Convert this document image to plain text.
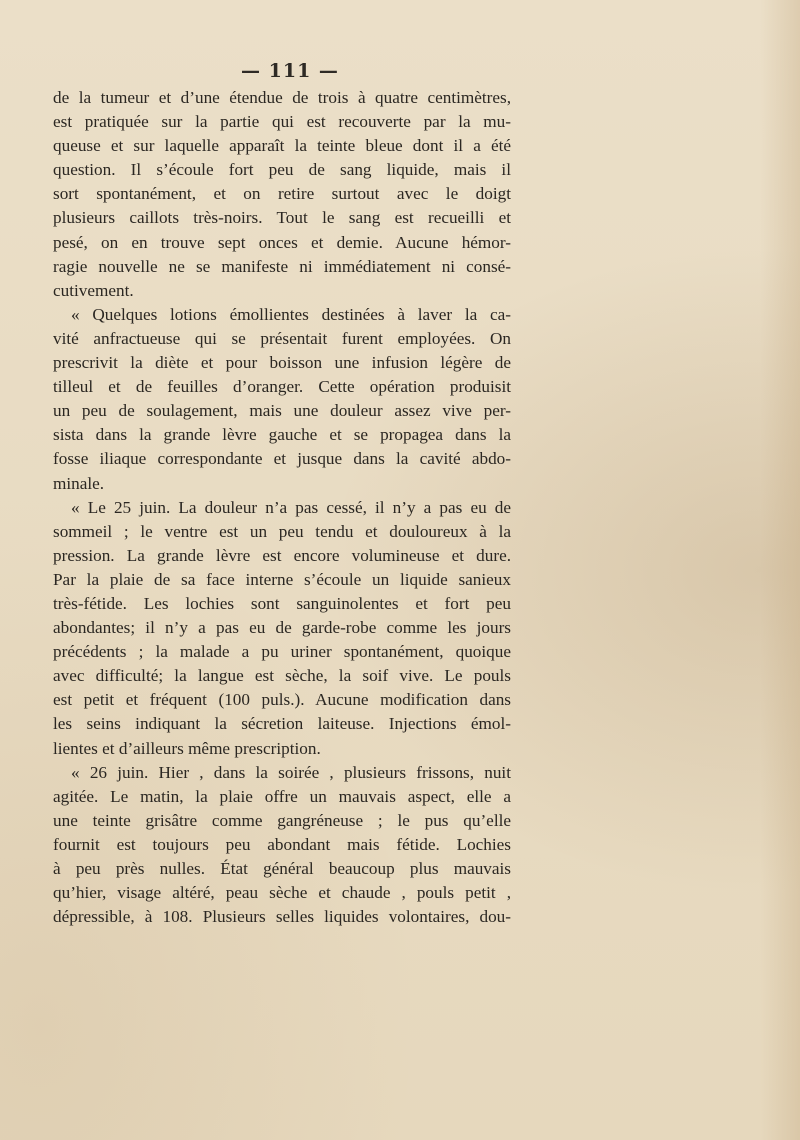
— 111 —
de la tumeur et d’une étendue de trois à quatre centimètres,
est pratiquée sur la partie qui est recouverte par la mu-
queuse et sur laquelle apparaît la teinte bleue dont il a été
question. Il s’écoule fort peu de sang liquide, mais il
sort spontanément, et on retire surtout avec le doigt
plusieurs caillots très-noirs. Tout le sang est recueilli et
pesé, on en trouve sept onces et demie. Aucune hémor-
ragie nouvelle ne se manifeste ni immédiatement ni consé-
cutivement.
« Quelques lotions émollientes destinées à laver la ca-
vité anfractueuse qui se présentait furent employées. On
prescrivit la diète et pour boisson une infusion légère de
tilleul et de feuilles d’oranger. Cette opération produisit
un peu de soulagement, mais une douleur assez vive per-
sista dans la grande lèvre gauche et se propagea dans la
fosse iliaque correspondante et jusque dans la cavité abdo-
minale.
« Le 25 juin. La douleur n’a pas cessé, il n’y a pas eu de
sommeil ; le ventre est un peu tendu et douloureux à la
pression. La grande lèvre est encore volumineuse et dure.
Par la plaie de sa face interne s’écoule un liquide sanieux
très-fétide. Les lochies sont sanguinolentes et fort peu
abondantes; il n’y a pas eu de garde-robe comme les jours
précédents ; la malade a pu uriner spontanément, quoique
avec difficulté; la langue est sèche, la soif vive. Le pouls
est petit et fréquent (100 puls.). Aucune modification dans
les seins indiquant la sécretion laiteuse. Injections émol-
lientes et d’ailleurs même prescription.
« 26 juin. Hier , dans la soirée , plusieurs frissons, nuit
agitée. Le matin, la plaie offre un mauvais aspect, elle a
une teinte grisâtre comme gangréneuse ; le pus qu’elle
fournit est toujours peu abondant mais fétide. Lochies
à peu près nulles. État général beaucoup plus mauvais
qu’hier, visage altéré, peau sèche et chaude , pouls petit ,
dépressible, à 108. Plusieurs selles liquides volontaires, dou-
